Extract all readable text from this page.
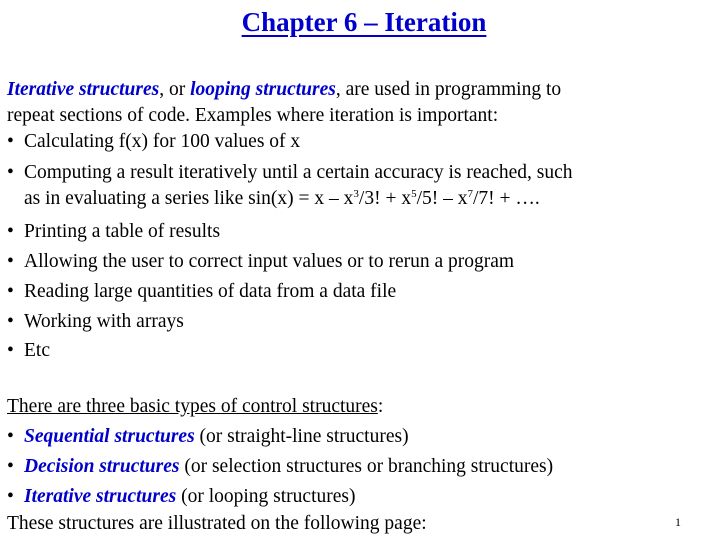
Chapter 6 – Iteration
Iterative structures, or looping structures, are used in programming to
repeat sections of code. Examples where iteration is important:
• Calculating f(x) for 100 values of x
• Computing a result iteratively until a certain accuracy is reached, such
as in evaluating a series like $\sin(x) = x - x^3/3$! + $x^5/5$! – $x^7/7$! + ….
• Printing a table of results
• Allowing the user to correct input values or to rerun a program
• Reading large quantities of data from a data file
• Working with arrays
• Etc
There are three basic types of control structures:
• Sequential structures (or straight-line structures)
• Decision structures (or selection structures or branching structures)
• Iterative structures (or looping structures)
These structures are illustrated on the following page:	1
